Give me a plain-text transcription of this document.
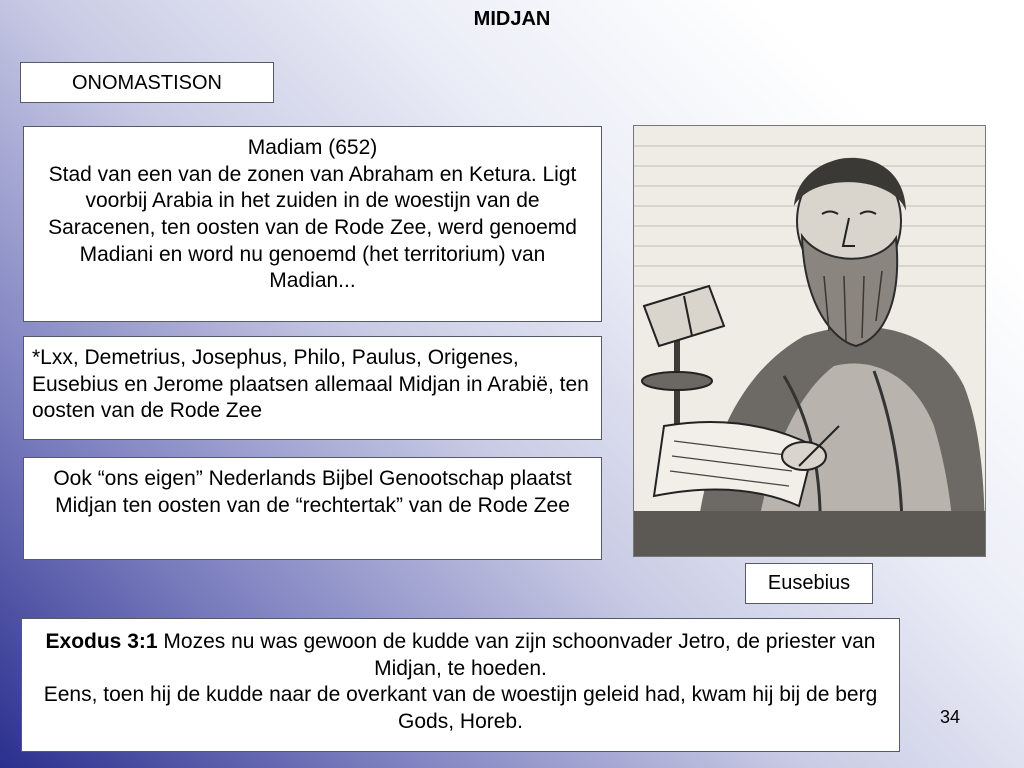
MIDJAN
ONOMASTISON
Madiam (652)
Stad van een van de zonen van Abraham en Ketura. Ligt voorbij Arabia in het zuiden in de woestijn van de Saracenen, ten oosten van de Rode Zee, werd genoemd Madiani en word nu genoemd (het territorium) van Madian...
*Lxx, Demetrius, Josephus, Philo, Paulus, Origenes, Eusebius en Jerome plaatsen allemaal Midjan in Arabië, ten oosten van de Rode Zee
Ook “ons eigen” Nederlands Bijbel Genootschap plaatst Midjan ten oosten van de “rechtertak” van de Rode Zee
Eusebius
Exodus 3:1 Mozes nu was gewoon de kudde van zijn schoonvader Jetro, de priester van Midjan, te hoeden.
Eens, toen hij de kudde naar de overkant van de woestijn geleid had, kwam hij bij de berg Gods, Horeb.	34
